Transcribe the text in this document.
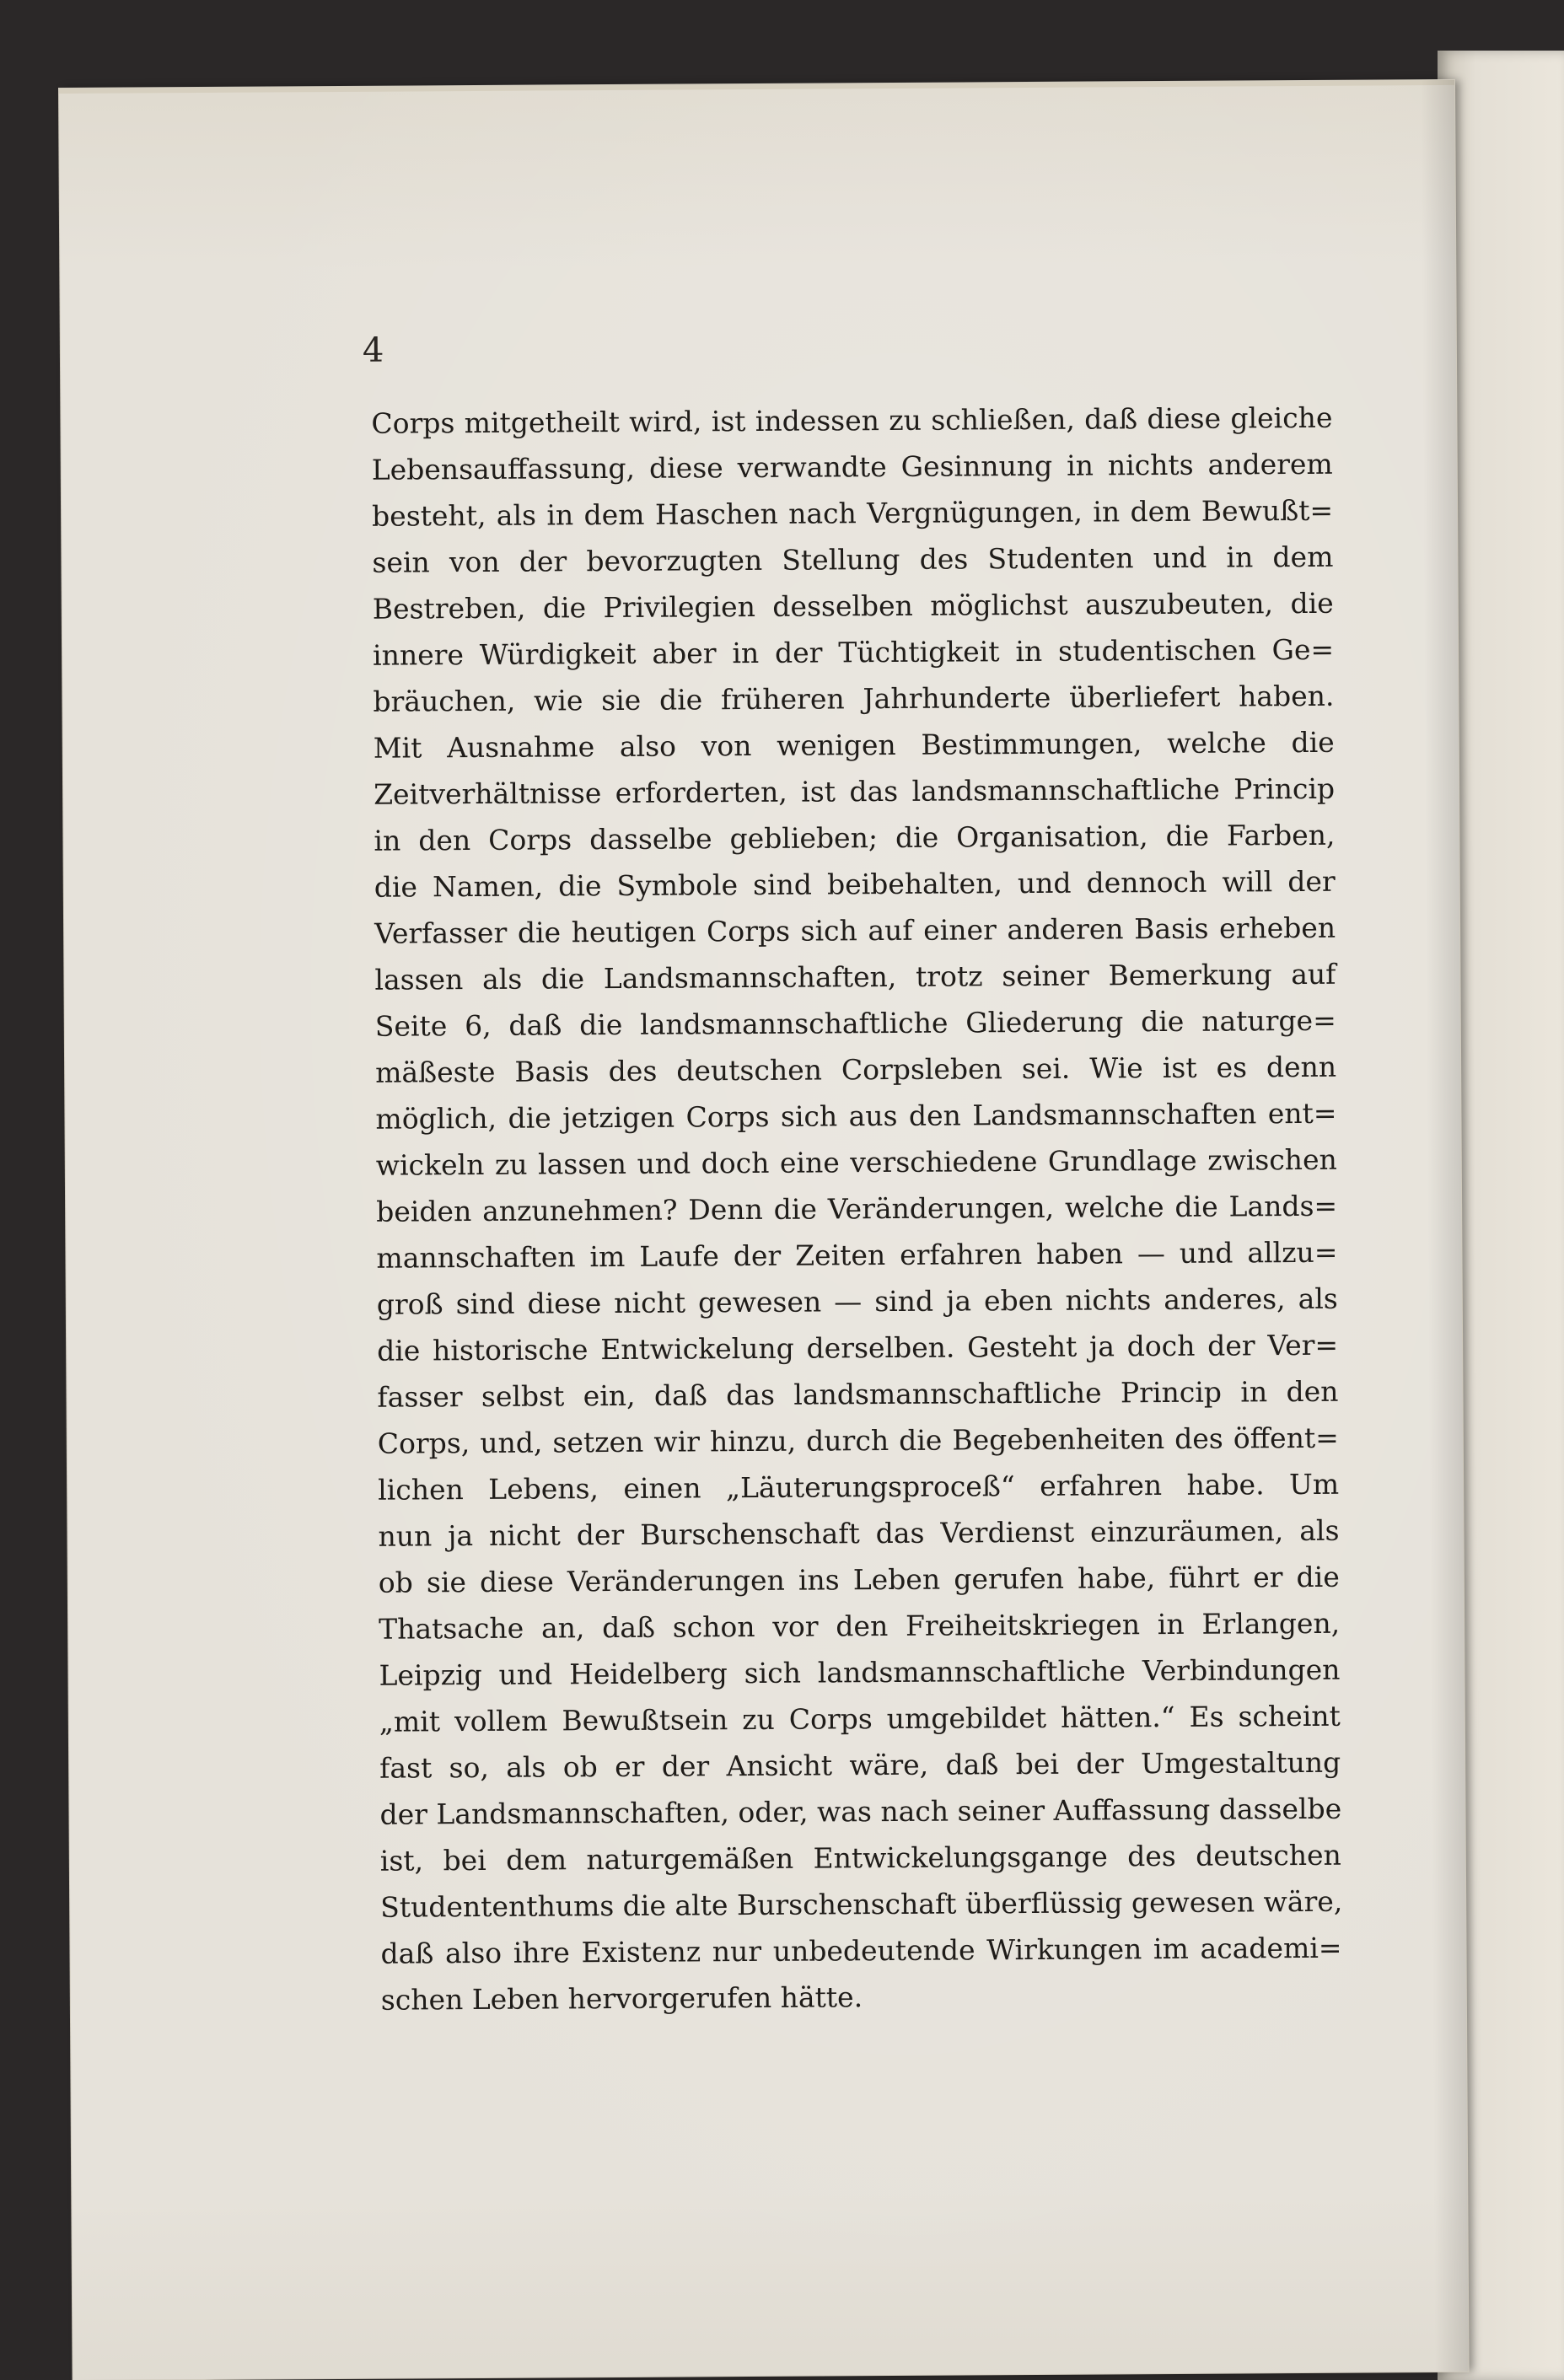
4
Corps mitgetheilt wird, ist indessen zu schließen, daß diese gleiche
Lebensauffassung, diese verwandte Gesinnung in nichts anderem
besteht, als in dem Haschen nach Vergnügungen, in dem Bewußt=
sein von der bevorzugten Stellung des Studenten und in dem
Bestreben, die Privilegien desselben möglichst auszubeuten, die
innere Würdigkeit aber in der Tüchtigkeit in studentischen Ge=
bräuchen, wie sie die früheren Jahrhunderte überliefert haben.
Mit Ausnahme also von wenigen Bestimmungen, welche die
Zeitverhältnisse erforderten, ist das landsmannschaftliche Princip
in den Corps dasselbe geblieben; die Organisation, die Farben,
die Namen, die Symbole sind beibehalten, und dennoch will der
Verfasser die heutigen Corps sich auf einer anderen Basis erheben
lassen als die Landsmannschaften, trotz seiner Bemerkung auf
Seite 6, daß die landsmannschaftliche Gliederung die naturge=
mäßeste Basis des deutschen Corpsleben sei. Wie ist es denn
möglich, die jetzigen Corps sich aus den Landsmannschaften ent=
wickeln zu lassen und doch eine verschiedene Grundlage zwischen
beiden anzunehmen? Denn die Veränderungen, welche die Lands=
mannschaften im Laufe der Zeiten erfahren haben — und allzu=
groß sind diese nicht gewesen — sind ja eben nichts anderes, als
die historische Entwickelung derselben. Gesteht ja doch der Ver=
fasser selbst ein, daß das landsmannschaftliche Princip in den
Corps, und, setzen wir hinzu, durch die Begebenheiten des öffent=
lichen Lebens, einen „Läuterungsproceß“ erfahren habe. Um
nun ja nicht der Burschenschaft das Verdienst einzuräumen, als
ob sie diese Veränderungen ins Leben gerufen habe, führt er die
Thatsache an, daß schon vor den Freiheitskriegen in Erlangen,
Leipzig und Heidelberg sich landsmannschaftliche Verbindungen
„mit vollem Bewußtsein zu Corps umgebildet hätten.“ Es scheint
fast so, als ob er der Ansicht wäre, daß bei der Umgestaltung
der Landsmannschaften, oder, was nach seiner Auffassung dasselbe
ist, bei dem naturgemäßen Entwickelungsgange des deutschen
Studententhums die alte Burschenschaft überflüssig gewesen wäre,
daß also ihre Existenz nur unbedeutende Wirkungen im academi=
schen Leben hervorgerufen hätte.
